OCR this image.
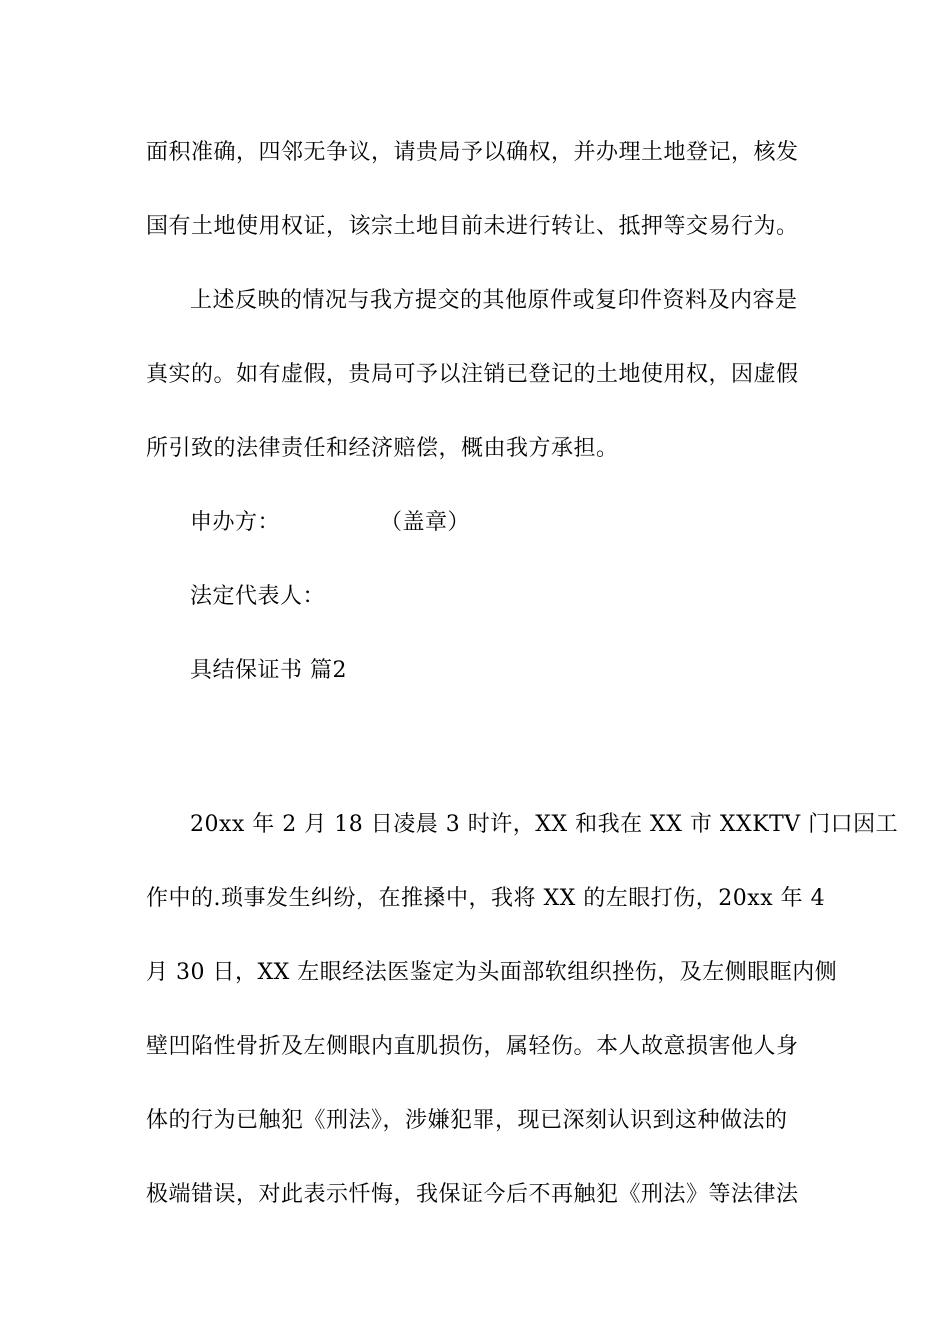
面积准确，四邻无争议，请贵局予以确权，并办理土地登记，核发
国有土地使用权证，该宗土地目前未进行转让、抵押等交易行为。
上述反映的情况与我方提交的其他原件或复印件资料及内容是
真实的。如有虚假，贵局可予以注销已登记的土地使用权，因虚假
所引致的法律责任和经济赔偿，概由我方承担。
申办方：	（盖章）
法定代表人：
具结保证书 篇2
20xx 年 2 月 18 日凌晨 3 时许，XX 和我在 XX 市 XXKTV 门口因工
作中的.琐事发生纠纷，在推搡中，我将 XX 的左眼打伤，20xx 年 4
月 30 日，XX 左眼经法医鉴定为头面部软组织挫伤，及左侧眼眶内侧
壁凹陷性骨折及左侧眼内直肌损伤，属轻伤。本人故意损害他人身
体的行为已触犯《刑法》，涉嫌犯罪，现已深刻认识到这种做法的
极端错误，对此表示忏悔，我保证今后不再触犯《刑法》等法律法
